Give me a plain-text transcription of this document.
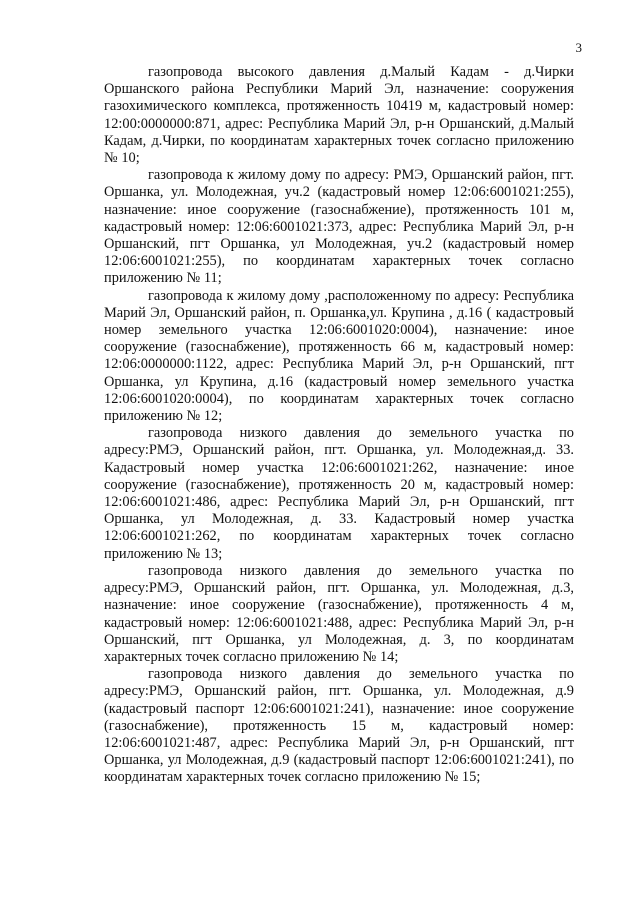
3

газопровода высокого давления д.Малый Кадам - д.Чирки Оршанского района Республики Марий Эл, назначение: сооружения газохимического комплекса, протяженность 10419 м, кадастровый номер: 12:00:0000000:871, адрес: Республика Марий Эл, р-н Оршанский, д.Малый Кадам, д.Чирки, по координатам характерных точек согласно приложению № 10;

газопровода к жилому дому по адресу: РМЭ, Оршанский район, пгт. Оршанка, ул. Молодежная, уч.2 (кадастровый номер 12:06:6001021:255), назначение: иное сооружение (газоснабжение), протяженность 101 м, кадастровый номер: 12:06:6001021:373, адрес: Республика Марий Эл, р-н Оршанский, пгт Оршанка, ул Молодежная, уч.2 (кадастровый номер 12:06:6001021:255), по координатам характерных точек согласно приложению № 11;

газопровода к жилому дому ,расположенному по адресу: Республика Марий Эл, Оршанский район, п. Оршанка,ул. Крупина , д.16 ( кадастровый номер земельного участка 12:06:6001020:0004), назначение: иное сооружение (газоснабжение), протяженность 66 м, кадастровый номер: 12:06:0000000:1122, адрес: Республика Марий Эл, р-н Оршанский, пгт Оршанка, ул Крупина, д.16 (кадастровый номер земельного участка 12:06:6001020:0004), по координатам характерных точек согласно приложению № 12;

газопровода низкого давления до земельного участка по адресу:РМЭ, Оршанский район, пгт. Оршанка, ул. Молодежная,д. 33. Кадастровый номер участка 12:06:6001021:262, назначение: иное сооружение (газоснабжение), протяженность 20 м, кадастровый номер: 12:06:6001021:486, адрес: Республика Марий Эл, р-н Оршанский, пгт Оршанка, ул Молодежная, д. 33. Кадастровый номер участка 12:06:6001021:262, по координатам характерных точек согласно приложению № 13;

газопровода низкого давления до земельного участка по адресу:РМЭ, Оршанский район, пгт. Оршанка, ул. Молодежная, д.3, назначение: иное сооружение (газоснабжение), протяженность 4 м, кадастровый номер: 12:06:6001021:488, адрес: Республика Марий Эл, р-н Оршанский, пгт Оршанка, ул Молодежная, д. 3, по координатам характерных точек согласно приложению № 14;

газопровода низкого давления до земельного участка по адресу:РМЭ, Оршанский район, пгт. Оршанка, ул. Молодежная, д.9 (кадастровый паспорт 12:06:6001021:241), назначение: иное сооружение (газоснабжение), протяженность 15 м, кадастровый номер: 12:06:6001021:487, адрес: Республика Марий Эл, р-н Оршанский, пгт Оршанка, ул Молодежная, д.9 (кадастровый паспорт 12:06:6001021:241), по координатам характерных точек согласно приложению № 15;
